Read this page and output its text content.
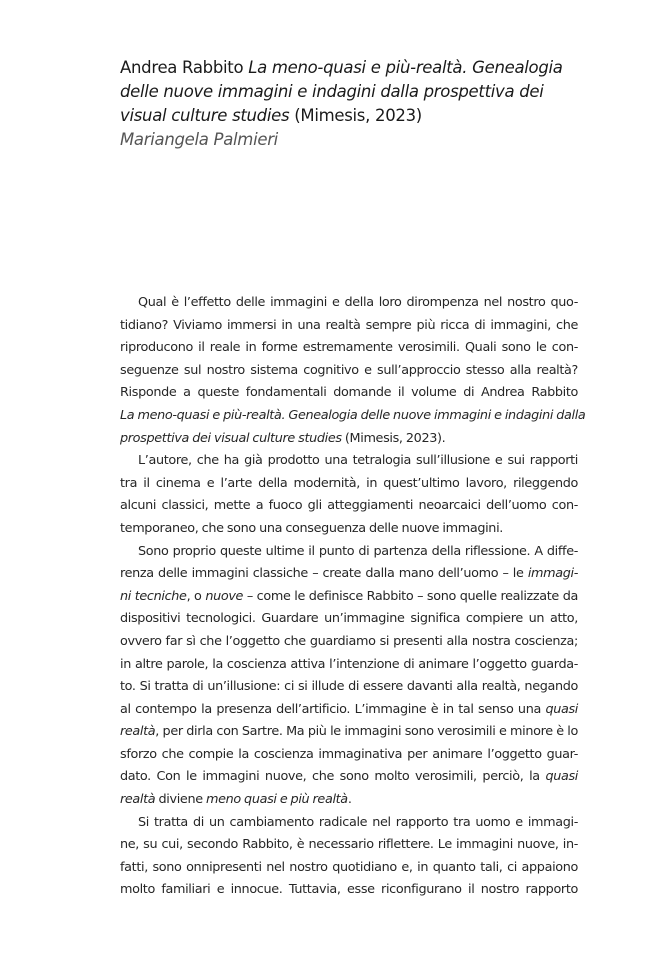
Andrea Rabbito La meno-quasi e più-realtà. Genealogia
delle nuove immagini e indagini dalla prospettiva dei
visual culture studies (Mimesis, 2023)

Mariangela Palmieri

Qual è l’effetto delle immagini e della loro dirompenza nel nostro quo-
tidiano? Viviamo immersi in una realtà sempre più ricca di immagini, che
riproducono il reale in forme estremamente verosimili. Quali sono le con-
seguenze sul nostro sistema cognitivo e sull’approccio stesso alla realtà?
Risponde a queste fondamentali domande il volume di Andrea Rabbito
La meno-quasi e più-realtà. Genealogia delle nuove immagini e indagini dalla
prospettiva dei visual culture studies (Mimesis, 2023).
L’autore, che ha già prodotto una tetralogia sull’illusione e sui rapporti
tra il cinema e l’arte della modernità, in quest’ultimo lavoro, rileggendo
alcuni classici, mette a fuoco gli atteggiamenti neoarcaici dell’uomo con-
temporaneo, che sono una conseguenza delle nuove immagini.
Sono proprio queste ultime il punto di partenza della riflessione. A diffe-
renza delle immagini classiche – create dalla mano dell’uomo – le immagi-
ni tecniche, o nuove – come le definisce Rabbito – sono quelle realizzate da
dispositivi tecnologici. Guardare un’immagine significa compiere un atto,
ovvero far sì che l’oggetto che guardiamo si presenti alla nostra coscienza;
in altre parole, la coscienza attiva l’intenzione di animare l’oggetto guarda-
to. Si tratta di un’illusione: ci si illude di essere davanti alla realtà, negando
al contempo la presenza dell’artificio. L’immagine è in tal senso una quasi
realtà, per dirla con Sartre. Ma più le immagini sono verosimili e minore è lo
sforzo che compie la coscienza immaginativa per animare l’oggetto guar-
dato. Con le immagini nuove, che sono molto verosimili, perciò, la quasi
realtà diviene meno quasi e più realtà.
Si tratta di un cambiamento radicale nel rapporto tra uomo e immagi-
ne, su cui, secondo Rabbito, è necessario riflettere. Le immagini nuove, in-
fatti, sono onnipresenti nel nostro quotidiano e, in quanto tali, ci appaiono
molto familiari e innocue. Tuttavia, esse riconfigurano il nostro rapporto
